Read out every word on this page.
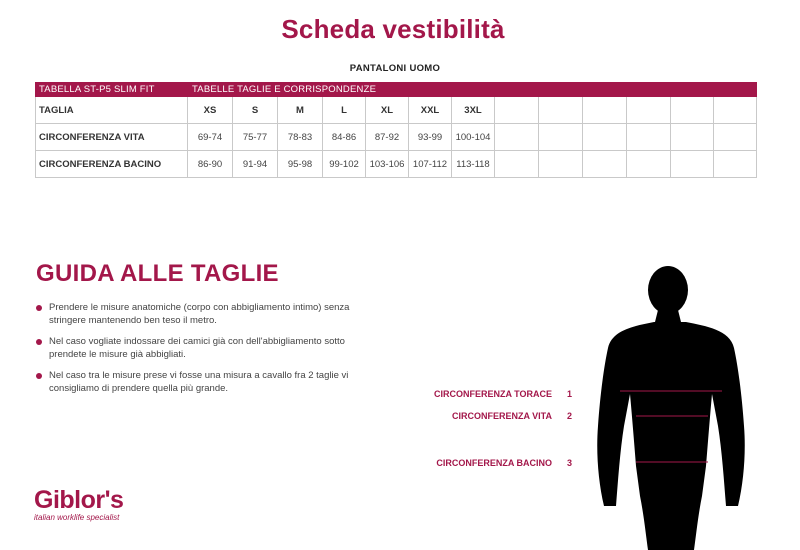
Scheda vestibilità
PANTALONI UOMO
TABELLA ST-P5 SLIM FIT	TABELLE TAGLIE E CORRISPONDENZE												
TAGLIA	XS	S	M	L	XL	XXL	3XL						
CIRCONFERENZA VITA	69-74	75-77	78-83	84-86	87-92	93-99	100-104						
CIRCONFERENZA BACINO	86-90	91-94	95-98	99-102	103-106	107-112	113-118						
GUIDA ALLE TAGLIE
Prendere le misure anatomiche (corpo con abbigliamento intimo) senza stringere mantenendo ben teso il metro.
Nel caso vogliate indossare dei camici già con dell'abbigliamento sotto prendete le misure già abbigliati.
Nel caso tra le misure prese vi fosse una misura a cavallo fra 2 taglie vi consigliamo di prendere quella più grande.
Giblor's
italian worklife specialist
CIRCONFERENZA TORACE 1
CIRCONFERENZA VITA 2
CIRCONFERENZA BACINO 3
